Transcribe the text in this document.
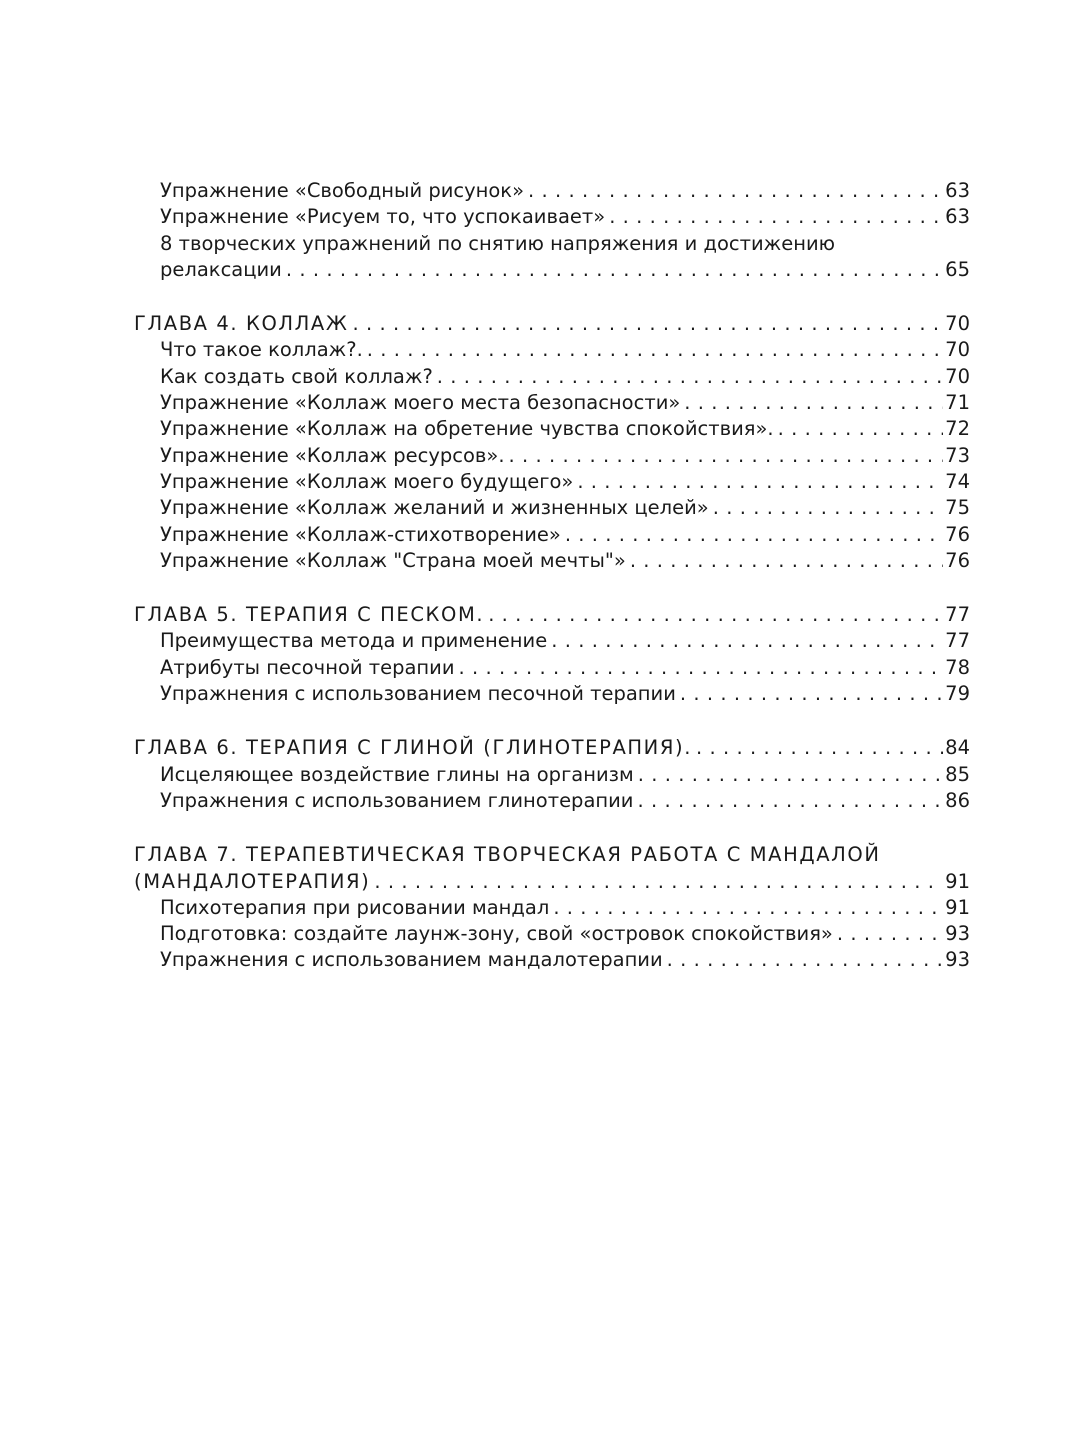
Упражнение «Свободный рисунок» . . .	63
Упражнение «Рисуем то, что успокаивает» . . .	63
8 творческих упражнений по снятию напряжения и достижению
релаксации . . .	65
ГЛАВА 4. КОЛЛАЖ . . .	70
Что такое коллаж?. . . .	70
Как создать свой коллаж? . . .	70
Упражнение «Коллаж моего места безопасности» . . .	71
Упражнение «Коллаж на обретение чувства спокойствия». . . .	72
Упражнение «Коллаж ресурсов». . . .	73
Упражнение «Коллаж моего будущего» . . .	74
Упражнение «Коллаж желаний и жизненных целей» . . .	75
Упражнение «Коллаж-стихотворение» . . .	76
Упражнение «Коллаж "Страна моей мечты"» . . .	76
ГЛАВА 5. ТЕРАПИЯ С ПЕСКОМ. . . .	77
Преимущества метода и применение . . .	77
Атрибуты песочной терапии . . .	78
Упражнения с использованием песочной терапии . . .	79
ГЛАВА 6. ТЕРАПИЯ С ГЛИНОЙ (ГЛИНОТЕРАПИЯ). . . .	84
Исцеляющее воздействие глины на организм . . .	85
Упражнения с использованием глинотерапии . . .	86
ГЛАВА 7. ТЕРАПЕВТИЧЕСКАЯ ТВОРЧЕСКАЯ РАБОТА С МАНДАЛОЙ
(МАНДАЛОТЕРАПИЯ) . . .	91
Психотерапия при рисовании мандал . . .	91
Подготовка: создайте лаунж-зону, свой «островок спокойствия» . . .	93
Упражнения с использованием мандалотерапии . . .	93
